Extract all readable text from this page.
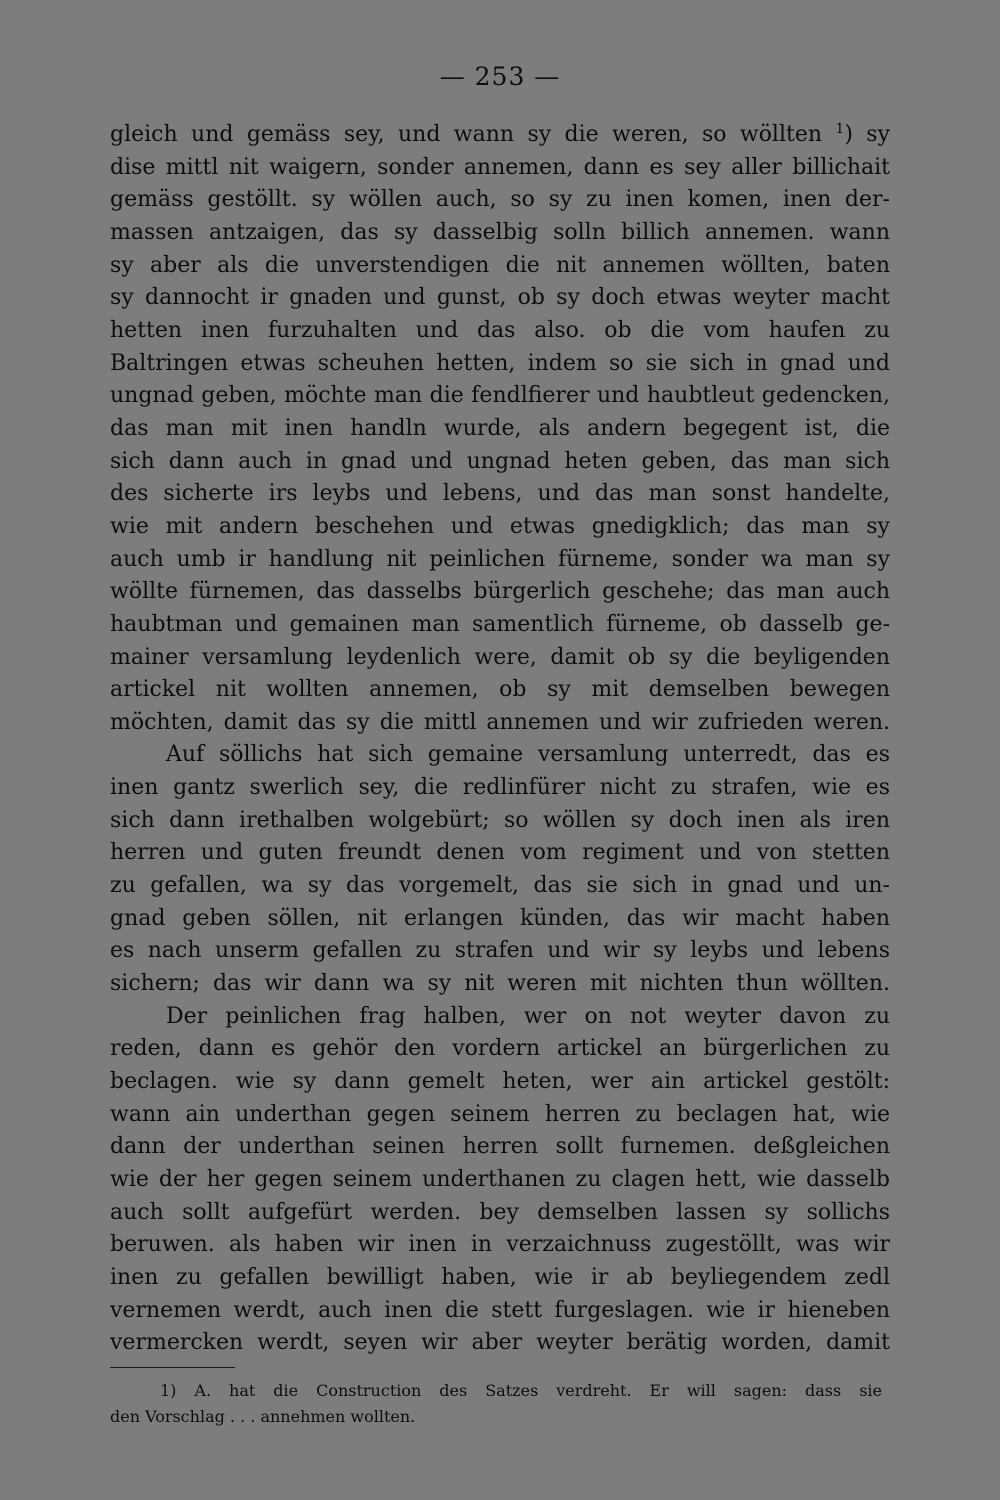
— 253 —
gleich und gemäss sey, und wann sy die weren, so wöllten $^1$) sy
dise mittl nit waigern, sonder annemen, dann es sey aller billichait
gemäss gestöllt. sy wöllen auch, so sy zu inen komen, inen der-
massen antzaigen, das sy dasselbig solln billich annemen. wann
sy aber als die unverstendigen die nit annemen wöllten, baten
sy dannocht ir gnaden und gunst, ob sy doch etwas weyter macht
hetten inen furzuhalten und das also. ob die vom haufen zu
Baltringen etwas scheuhen hetten, indem so sie sich in gnad und
ungnad geben, möchte man die fendlfierer und haubtleut gedencken,
das man mit inen handln wurde, als andern begegent ist, die
sich dann auch in gnad und ungnad heten geben, das man sich
des sicherte irs leybs und lebens, und das man sonst handelte,
wie mit andern beschehen und etwas gnedigklich; das man sy
auch umb ir handlung nit peinlichen fürneme, sonder wa man sy
wöllte fürnemen, das dasselbs bürgerlich geschehe; das man auch
haubtman und gemainen man samentlich fürneme, ob dasselb ge-
mainer versamlung leydenlich were, damit ob sy die beyligenden
artickel nit wollten annemen, ob sy mit demselben bewegen
möchten, damit das sy die mittl annemen und wir zufrieden weren.
Auf söllichs hat sich gemaine versamlung unterredt, das es
inen gantz swerlich sey, die redlinfürer nicht zu strafen, wie es
sich dann irethalben wolgebürt; so wöllen sy doch inen als iren
herren und guten freundt denen vom regiment und von stetten
zu gefallen, wa sy das vorgemelt, das sie sich in gnad und un-
gnad geben söllen, nit erlangen künden, das wir macht haben
es nach unserm gefallen zu strafen und wir sy leybs und lebens
sichern; das wir dann wa sy nit weren mit nichten thun wöllten.
Der peinlichen frag halben, wer on not weyter davon zu
reden, dann es gehör den vordern artickel an bürgerlichen zu
beclagen. wie sy dann gemelt heten, wer ain artickel gestölt:
wann ain underthan gegen seinem herren zu beclagen hat, wie
dann der underthan seinen herren sollt furnemen. deßgleichen
wie der her gegen seinem underthanen zu clagen hett, wie dasselb
auch sollt aufgefürt werden. bey demselben lassen sy sollichs
beruwen. als haben wir inen in verzaichnuss zugestöllt, was wir
inen zu gefallen bewilligt haben, wie ir ab beyliegendem zedl
vernemen werdt, auch inen die stett furgeslagen. wie ir hieneben
vermercken werdt, seyen wir aber weyter berätig worden, damit
1) A. hat die Construction des Satzes verdreht. Er will sagen: dass sie
den Vorschlag . . . annehmen wollten.
